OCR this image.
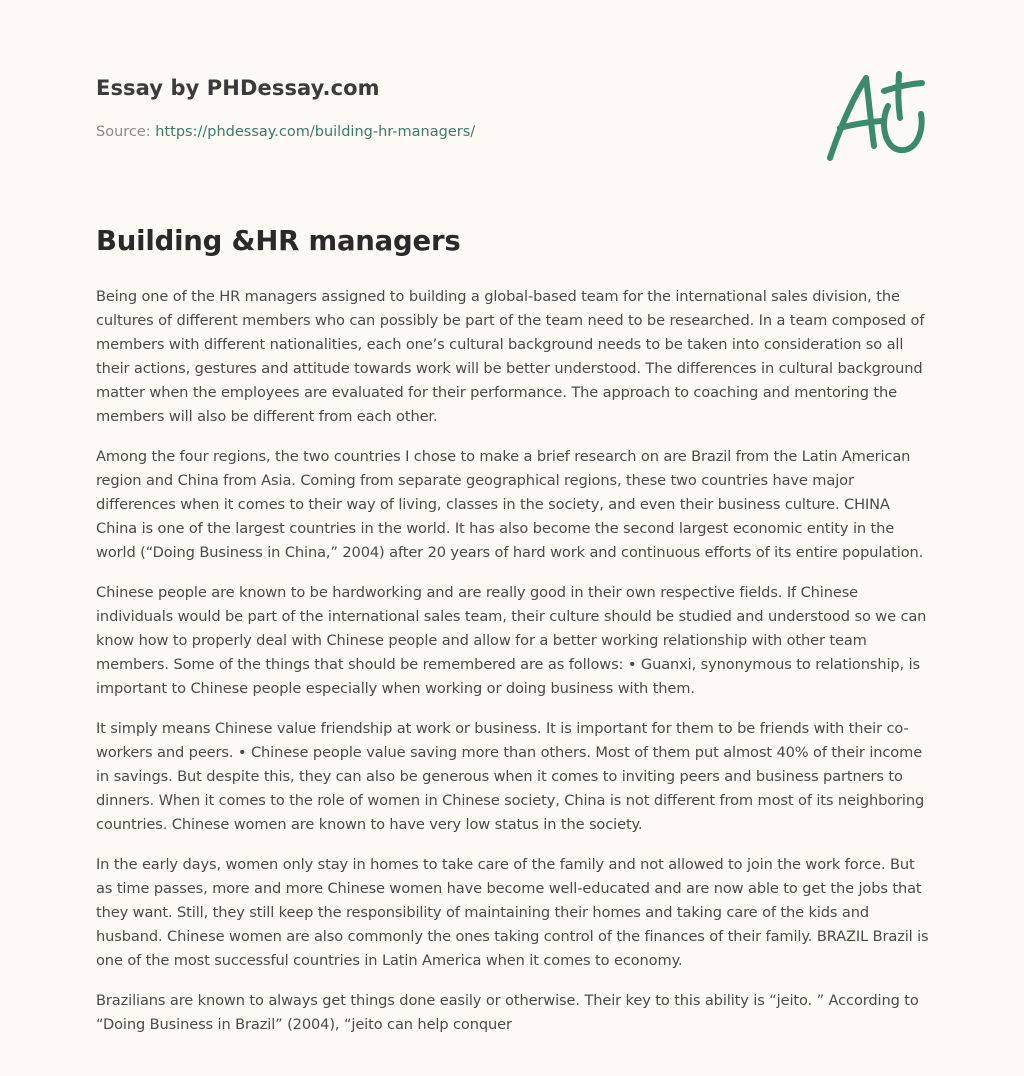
Essay by PHDessay.com
Source: https://phdessay.com/building-hr-managers/
Building &HR managers

Being one of the HR managers assigned to building a global-based team for the international sales division, the cultures of different members who can possibly be part of the team need to be researched. In a team composed of members with different nationalities, each one’s cultural background needs to be taken into consideration so all their actions, gestures and attitude towards work will be better understood. The differences in cultural background matter when the employees are evaluated for their performance. The approach to coaching and mentoring the members will also be different from each other.

Among the four regions, the two countries I chose to make a brief research on are Brazil from the Latin American region and China from Asia. Coming from separate geographical regions, these two countries have major differences when it comes to their way of living, classes in the society, and even their business culture. CHINA China is one of the largest countries in the world. It has also become the second largest economic entity in the world (“Doing Business in China,” 2004) after 20 years of hard work and continuous efforts of its entire population.

Chinese people are known to be hardworking and are really good in their own respective fields. If Chinese individuals would be part of the international sales team, their culture should be studied and understood so we can know how to properly deal with Chinese people and allow for a better working relationship with other team members. Some of the things that should be remembered are as follows: • Guanxi, synonymous to relationship, is important to Chinese people especially when working or doing business with them.

It simply means Chinese value friendship at work or business. It is important for them to be friends with their co-workers and peers. • Chinese people value saving more than others. Most of them put almost 40% of their income in savings. But despite this, they can also be generous when it comes to inviting peers and business partners to dinners. When it comes to the role of women in Chinese society, China is not different from most of its neighboring countries. Chinese women are known to have very low status in the society.

In the early days, women only stay in homes to take care of the family and not allowed to join the work force. But as time passes, more and more Chinese women have become well-educated and are now able to get the jobs that they want. Still, they still keep the responsibility of maintaining their homes and taking care of the kids and husband. Chinese women are also commonly the ones taking control of the finances of their family. BRAZIL Brazil is one of the most successful countries in Latin America when it comes to economy.

Brazilians are known to always get things done easily or otherwise. Their key to this ability is “jeito. ” According to “Doing Business in Brazil” (2004), “jeito can help conquer
